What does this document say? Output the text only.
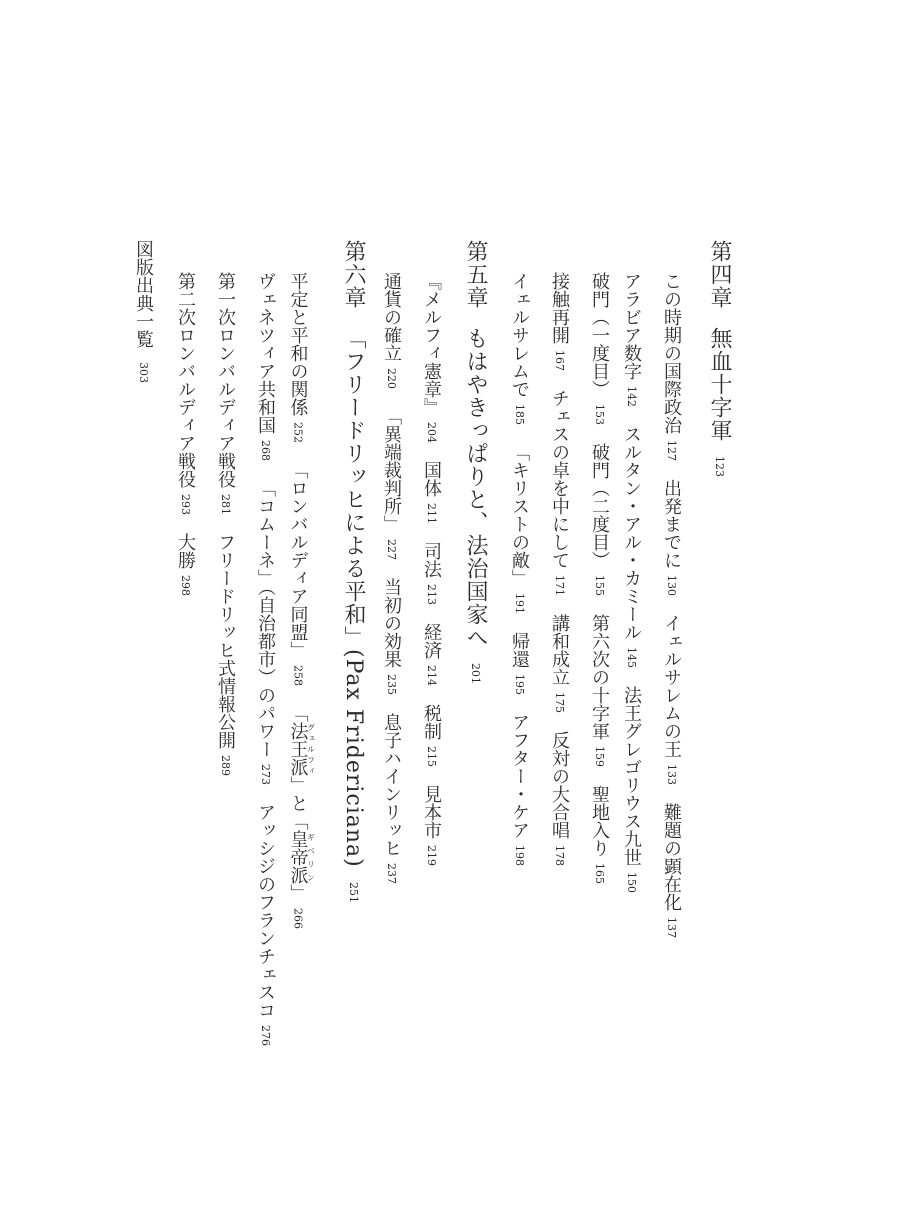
第四章無血十字軍123
この時期の国際政治127出発までに130イェルサレムの王133難題の顕在化137
アラビア数字142スルタン・アル・カミール145法王グレゴリウス九世150
破門（一度目）153破門（二度目）155第六次の十字軍159聖地入り165
接触再開167チェスの卓を中にして171講和成立175反対の大合唱178
イェルサレムで185「キリストの敵」191帰還195アフター・ケア198
第五章もはやきっぱりと、法治国家へ201
『メルフィ憲章』204国体211司法213経済214税制215見本市219
通貨の確立220「異端裁判所」227当初の効果235息子ハインリッヒ237
第六章「フリードリッヒによる平和」(Pax Fridericiana)251
平定と平和の関係252「ロンバルディア同盟」258「法王派グェルフィ」と「皇帝派ギベリン」266
ヴェネツィア共和国268「コムーネ」（自治都市）のパワー273アッシジのフランチェスコ276
第一次ロンバルディア戦役281フリードリッヒ式情報公開289
第二次ロンバルディア戦役293大勝298
図版出典一覧303
